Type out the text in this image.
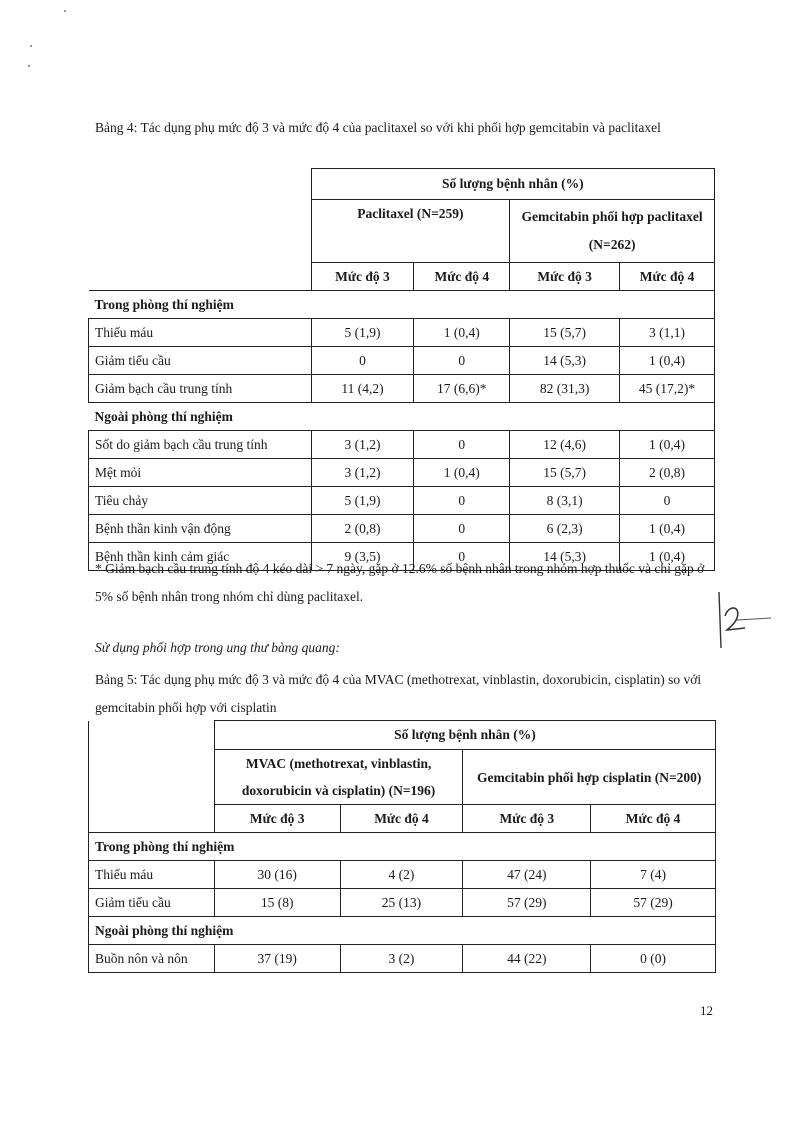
Bảng 4: Tác dụng phụ mức độ 3 và mức độ 4 của paclitaxel so với khi phối hợp gemcitabin và paclitaxel
	Số lượng bệnh nhân (%)			
	Paclitaxel (N=259)		Gemcitabin phối hợp paclitaxel (N=262)	
	Mức độ 3	Mức độ 4	Mức độ 3	Mức độ 4
Trong phòng thí nghiệm				
Thiếu máu	5 (1,9)	1 (0,4)	15 (5,7)	3 (1,1)
Giảm tiểu cầu	0	0	14 (5,3)	1 (0,4)
Giảm bạch cầu trung tính	11 (4,2)	17 (6,6)*	82 (31,3)	45 (17,2)*
Ngoài phòng thí nghiệm				
Sốt do giảm bạch cầu trung tính	3 (1,2)	0	12 (4,6)	1 (0,4)
Mệt mỏi	3 (1,2)	1 (0,4)	15 (5,7)	2 (0,8)
Tiêu chảy	5 (1,9)	0	8 (3,1)	0
Bệnh thần kinh vận động	2 (0,8)	0	6 (2,3)	1 (0,4)
Bệnh thần kinh cảm giác	9 (3,5)	0	14 (5,3)	1 (0,4)
* Giảm bạch cầu trung tính độ 4 kéo dài > 7 ngày, gặp ở 12.6% số bệnh nhân trong nhóm hợp thuốc và chỉ gặp ở 5% số bệnh nhân trong nhóm chỉ dùng paclitaxel.
Sử dụng phối hợp trong ung thư bàng quang:
Bảng 5: Tác dụng phụ mức độ 3 và mức độ 4 của MVAC (methotrexat, vinblastin, doxorubicin, cisplatin) so với gemcitabin phối hợp với cisplatin
	Số lượng bệnh nhân (%)			
	MVAC (methotrexat, vinblastin, doxorubicin và cisplatin) (N=196)		Gemcitabin phối hợp cisplatin (N=200)	
	Mức độ 3	Mức độ 4	Mức độ 3	Mức độ 4
Trong phòng thí nghiệm				
Thiếu máu	30 (16)	4 (2)	47 (24)	7 (4)
Giảm tiểu cầu	15 (8)	25 (13)	57 (29)	57 (29)
Ngoài phòng thí nghiệm				
Buồn nôn và nôn	37 (19)	3 (2)	44 (22)	0 (0)
12
